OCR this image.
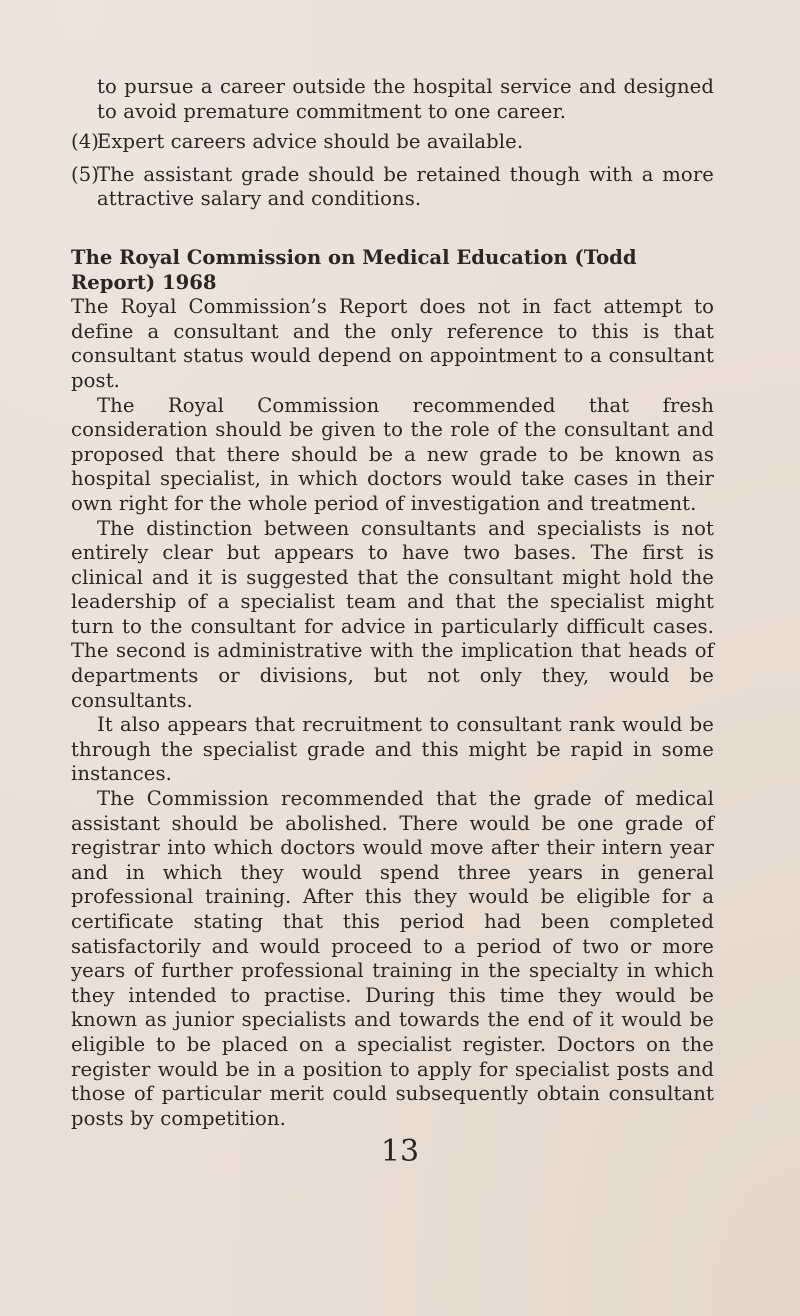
to pursue a career outside the hospital service and designed to avoid premature commitment to one career.

(4)Expert careers advice should be available.

(5)The assistant grade should be retained though with a more attractive salary and conditions.

The Royal Commission on Medical Education (Todd Report) 1968

The Royal Commission’s Report does not in fact attempt to define a consultant and the only reference to this is that consultant status would depend on appointment to a consultant post.

The Royal Commission recommended that fresh consideration should be given to the role of the consultant and proposed that there should be a new grade to be known as hospital specialist, in which doctors would take cases in their own right for the whole period of investigation and treatment.

The distinction between consultants and specialists is not entirely clear but appears to have two bases. The first is clinical and it is suggested that the consultant might hold the leadership of a specialist team and that the specialist might turn to the consultant for advice in particularly difficult cases. The second is administrative with the implication that heads of departments or divisions, but not only they, would be consultants.

It also appears that recruitment to consultant rank would be through the specialist grade and this might be rapid in some instances.

The Commission recommended that the grade of medical assistant should be abolished. There would be one grade of registrar into which doctors would move after their intern year and in which they would spend three years in general professional training. After this they would be eligible for a certificate stating that this period had been completed satisfactorily and would proceed to a period of two or more years of further professional training in the specialty in which they intended to practise. During this time they would be known as junior specialists and towards the end of it would be eligible to be placed on a specialist register. Doctors on the register would be in a position to apply for specialist posts and those of particular merit could subsequently obtain consultant posts by competition.

13
